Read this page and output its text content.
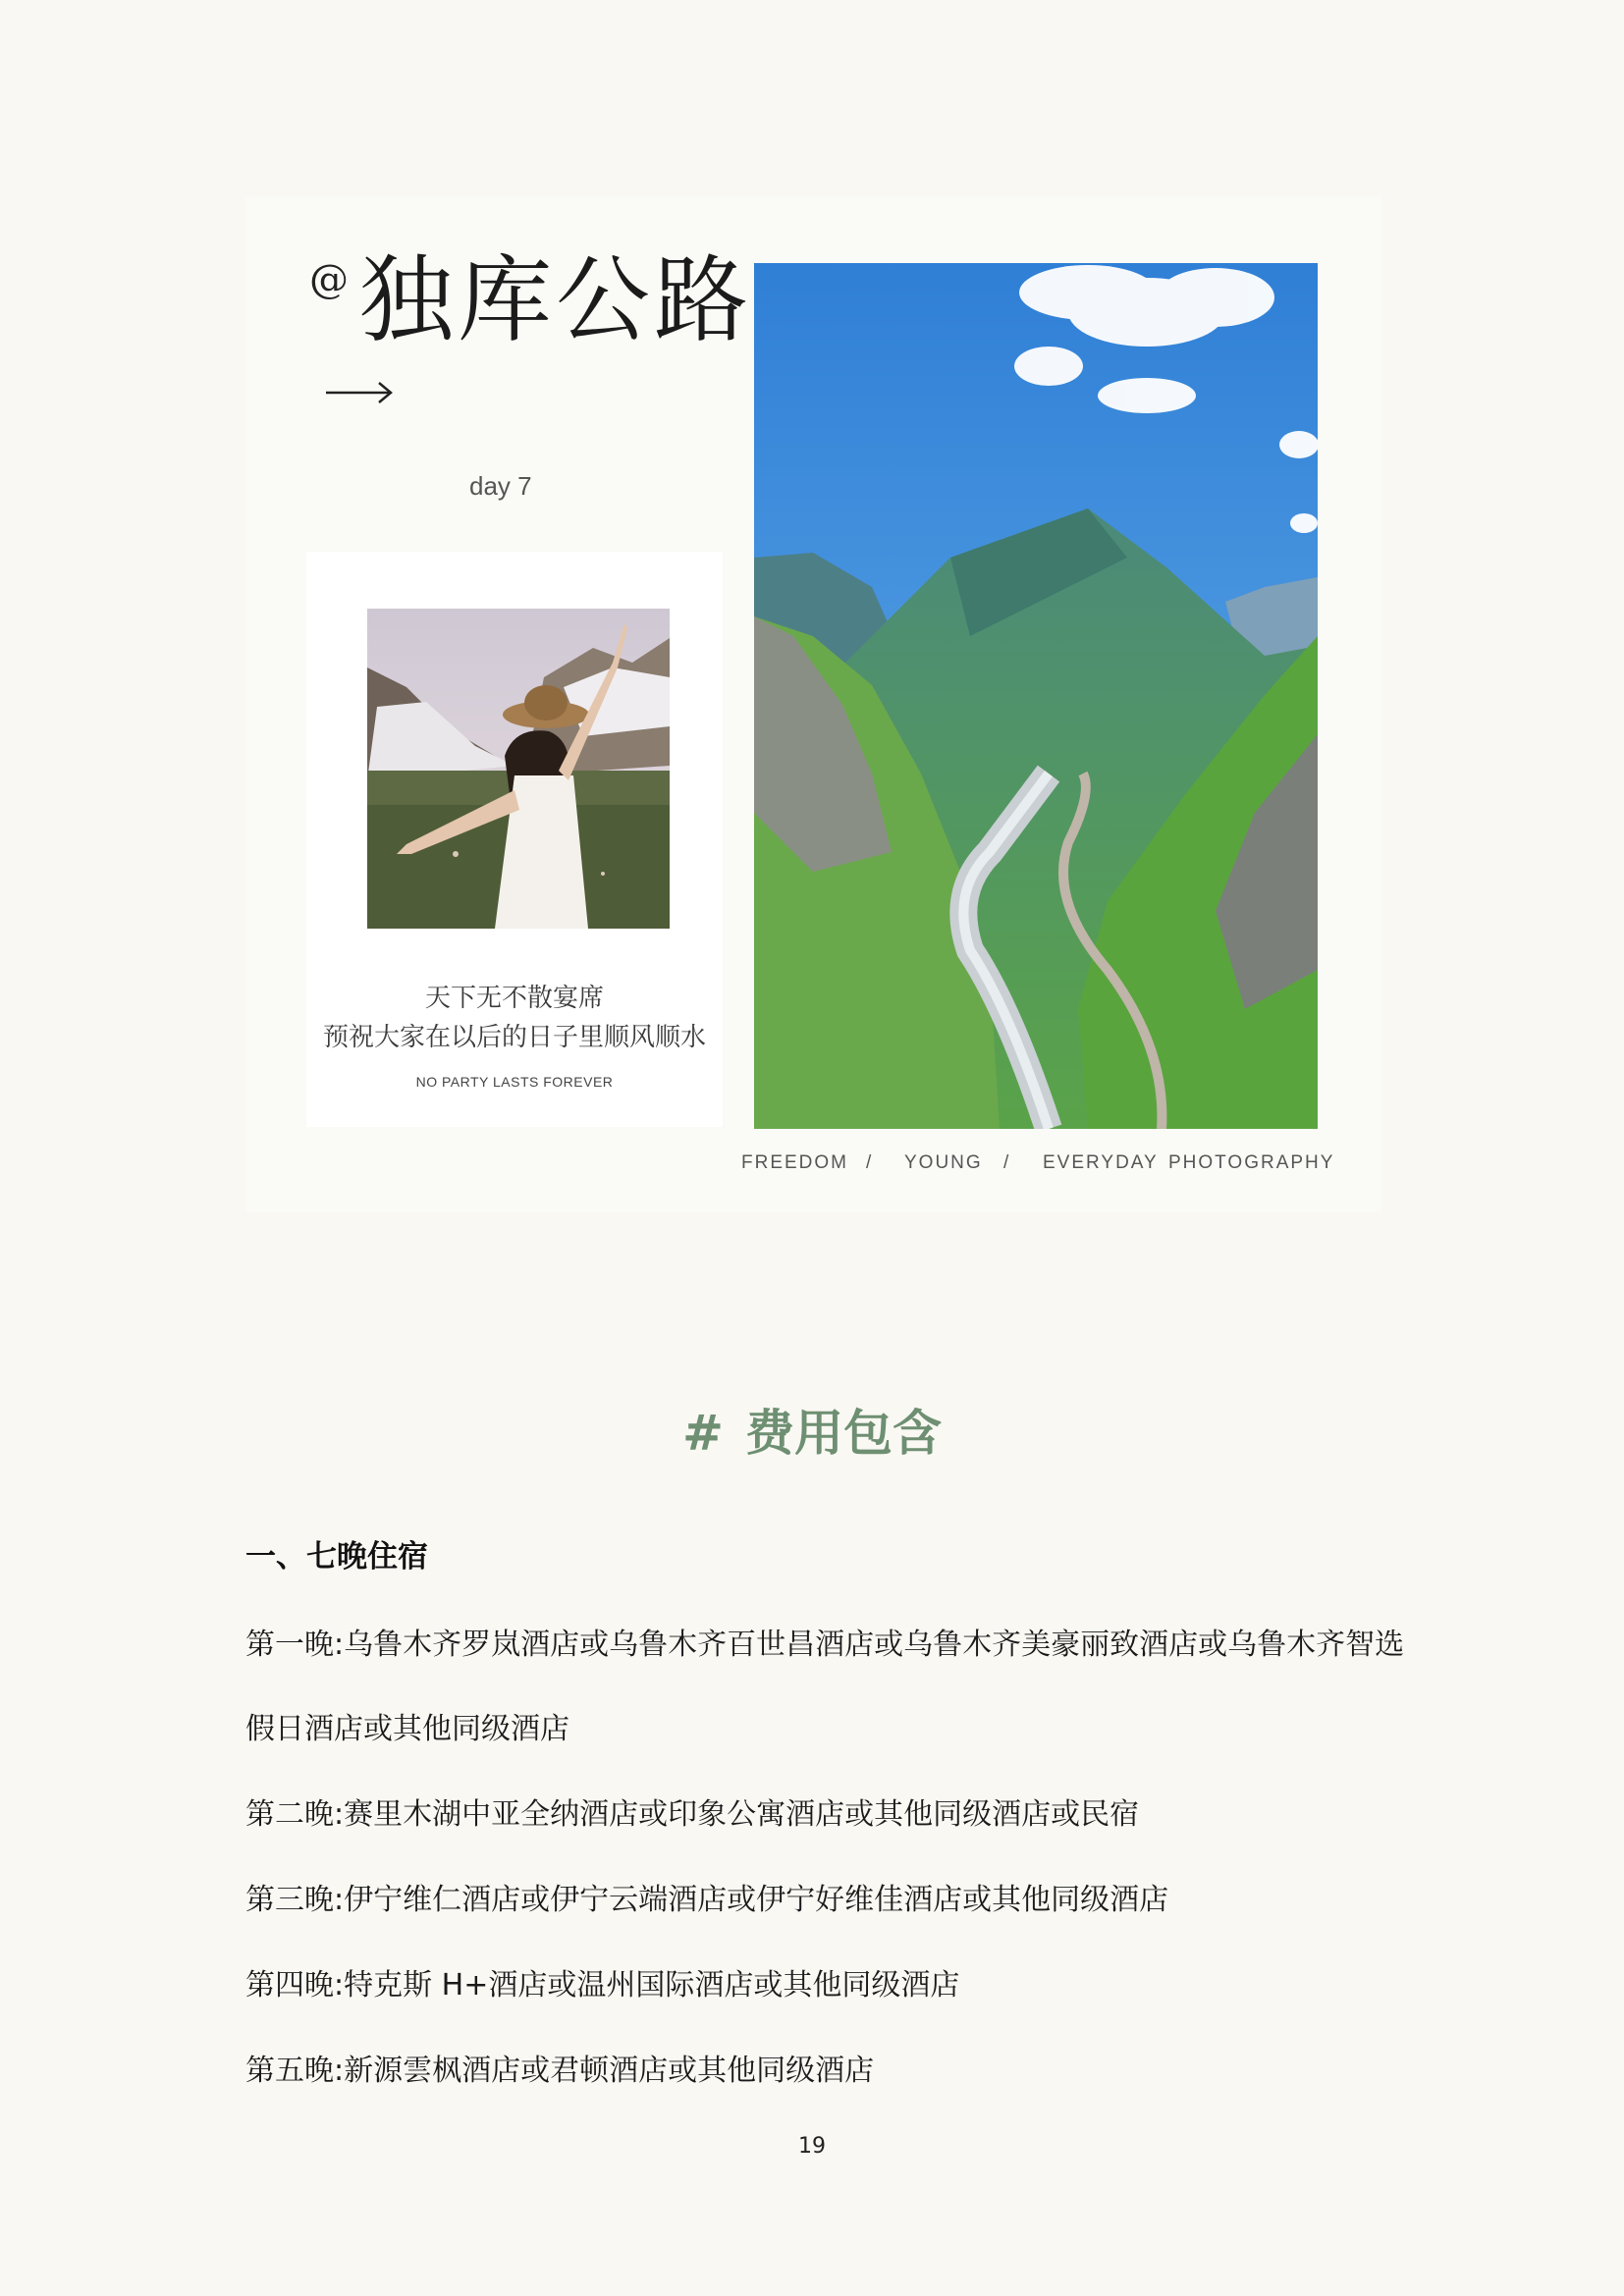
@ 独库公路
day 7
天下无不散宴席
预祝大家在以后的日子里顺风顺水
NO PARTY LASTS FOREVER
FREEDOM / YOUNG / EVERYDAY PHOTOGRAPHY
# 费用包含
一、七晚住宿
第一晚:乌鲁木齐罗岚酒店或乌鲁木齐百世昌酒店或乌鲁木齐美豪丽致酒店或乌鲁木齐智选
假日酒店或其他同级酒店
第二晚:赛里木湖中亚全纳酒店或印象公寓酒店或其他同级酒店或民宿
第三晚:伊宁维仁酒店或伊宁云端酒店或伊宁好维佳酒店或其他同级酒店
第四晚:特克斯 H+酒店或温州国际酒店或其他同级酒店
第五晚:新源雲枫酒店或君顿酒店或其他同级酒店
19
